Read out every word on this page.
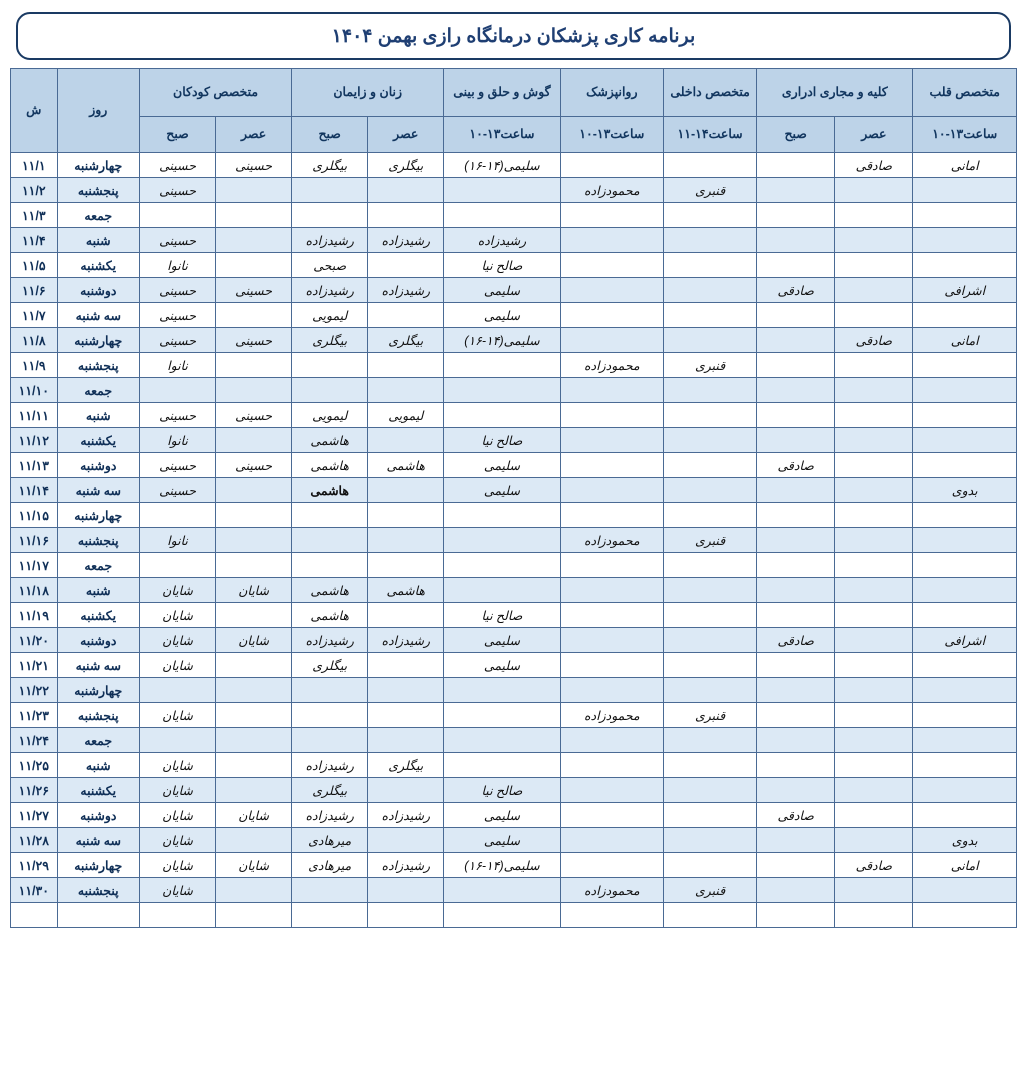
برنامه کاری پزشکان درمانگاه رازی بهمن ۱۴۰۴
متخصص قلب	کلیه و مجاری ادراری		متخصص داخلی	روانپزشک	گوش و حلق و بینی	زنان و زایمان		متخصص کودکان		روز	ش
ساعت۱۳-۱۰	عصر	صبح	ساعت۱۴-۱۱	ساعت۱۳-۱۰	ساعت۱۳-۱۰	عصر	صبح	عصر	صبح		
امانی	صادقی				سلیمی(۱۴-۱۶)	بیگلری	بیگلری	حسینی	حسینی	چهارشنبه	۱۱/۱
			قنبری	محمودزاده					حسینی	پنجشنبه	۱۱/۲
										جمعه	۱۱/۳
					رشیدزاده	رشیدزاده	رشیدزاده		حسینی	شنبه	۱۱/۴
					صالح نیا		صبحی		نانوا	یکشنبه	۱۱/۵
اشرافی		صادقی			سلیمی	رشیدزاده	رشیدزاده	حسینی	حسینی	دوشنبه	۱۱/۶
					سلیمی		لیمویی		حسینی	سه شنبه	۱۱/۷
امانی	صادقی				سلیمی(۱۴-۱۶)	بیگلری	بیگلری	حسینی	حسینی	چهارشنبه	۱۱/۸
			قنبری	محمودزاده					نانوا	پنجشنبه	۱۱/۹
										جمعه	۱۱/۱۰
						لیمویی	لیمویی	حسینی	حسینی	شنبه	۱۱/۱۱
					صالح نیا		هاشمی		نانوا	یکشنبه	۱۱/۱۲
		صادقی			سلیمی	هاشمی	هاشمی	حسینی	حسینی	دوشنبه	۱۱/۱۳
بدوی					سلیمی		هاشمی		حسینی	سه شنبه	۱۱/۱۴
										چهارشنبه	۱۱/۱۵
			قنبری	محمودزاده					نانوا	پنجشنبه	۱۱/۱۶
										جمعه	۱۱/۱۷
						هاشمی	هاشمی	شایان	شایان	شنبه	۱۱/۱۸
					صالح نیا		هاشمی		شایان	یکشنبه	۱۱/۱۹
اشرافی		صادقی			سلیمی	رشیدزاده	رشیدزاده	شایان	شایان	دوشنبه	۱۱/۲۰
					سلیمی		بیگلری		شایان	سه شنبه	۱۱/۲۱
										چهارشنبه	۱۱/۲۲
			قنبری	محمودزاده					شایان	پنجشنبه	۱۱/۲۳
										جمعه	۱۱/۲۴
						بیگلری	رشیدزاده		شایان	شنبه	۱۱/۲۵
					صالح نیا		بیگلری		شایان	یکشنبه	۱۱/۲۶
		صادقی			سلیمی	رشیدزاده	رشیدزاده	شایان	شایان	دوشنبه	۱۱/۲۷
بدوی					سلیمی		میرهادی		شایان	سه شنبه	۱۱/۲۸
امانی	صادقی				سلیمی(۱۴-۱۶)	رشیدزاده	میرهادی	شایان	شایان	چهارشنبه	۱۱/۲۹
			قنبری	محمودزاده					شایان	پنجشنبه	۱۱/۳۰
